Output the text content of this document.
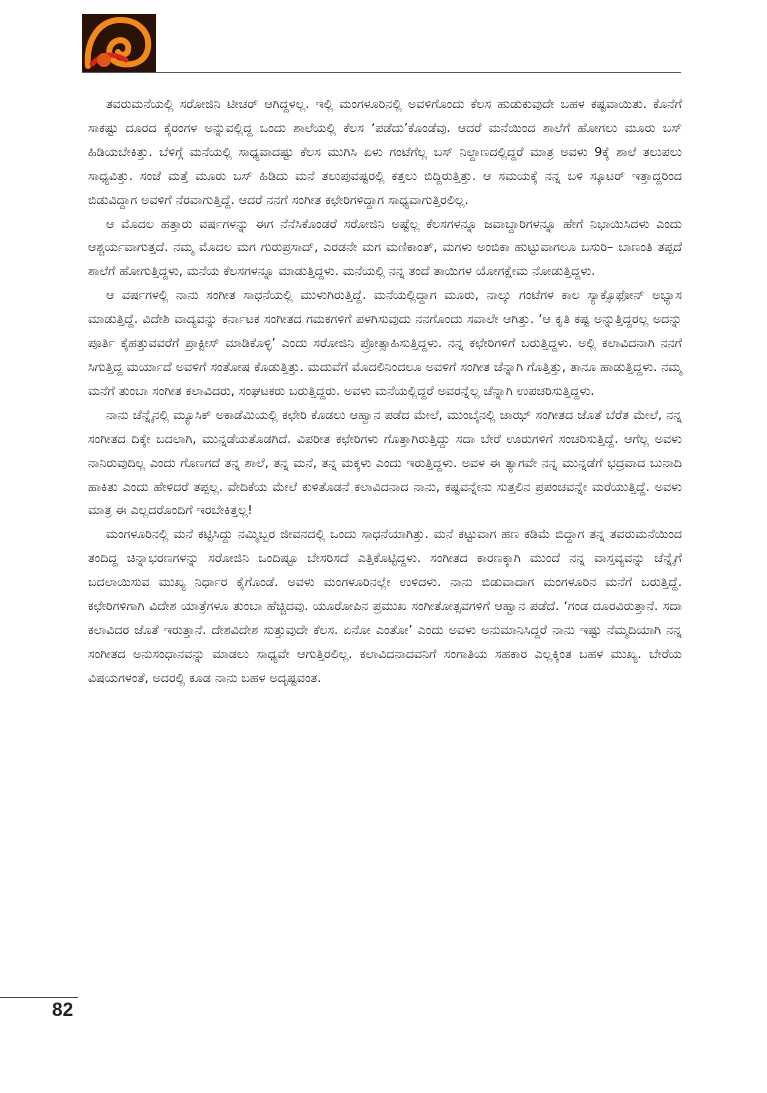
ತವರುಮನೆಯಲ್ಲಿ ಸರೋಜಿನಿ ಟೀಚರ್ ಆಗಿದ್ದಳಲ್ಲ. ಇಲ್ಲಿ ಮಂಗಳೂರಿನಲ್ಲಿ ಅವಳಿಗೊಂದು ಕೆಲಸ ಹುಡುಕುವುದೇ ಬಹಳ ಕಷ್ಟವಾಯಿತು. ಕೊನೆಗೆ ಸಾಕಷ್ಟು ದೂರದ ಕೈರಂಗಳ ಅನ್ನುವಲ್ಲಿದ್ದ ಒಂದು ಶಾಲೆಯಲ್ಲಿ ಕೆಲಸ ‘ಪಡೆದು’ಕೊಂಡೆವು. ಆದರೆ ಮನೆಯಿಂದ ಶಾಲೆಗೆ ಹೋಗಲು ಮೂರು ಬಸ್ ಹಿಡಿಯಬೇಕಿತ್ತು. ಬೆಳಿಗ್ಗೆ ಮನೆಯಲ್ಲಿ ಸಾಧ್ಯವಾದಷ್ಟು ಕೆಲಸ ಮುಗಿಸಿ ಏಳು ಗಂಟೆಗೆಲ್ಲ ಬಸ್ ನಿಲ್ದಾಣದಲ್ಲಿದ್ದರೆ ಮಾತ್ರ ಅವಳು 9ಕ್ಕೆ ಶಾಲೆ ತಲುಪಲು ಸಾಧ್ಯವಿತ್ತು. ಸಂಜೆ ಮತ್ತೆ ಮೂರು ಬಸ್ ಹಿಡಿದು ಮನೆ ತಲುಪುವಷ್ಟರಲ್ಲಿ ಕತ್ತಲು ಬಿದ್ದಿರುತ್ತಿತ್ತು. ಆ ಸಮಯಕ್ಕೆ ನನ್ನ ಬಳಿ ಸ್ಕೂಟರ್ ಇತ್ತಾದ್ದರಿಂದ ಬಿಡುವಿದ್ದಾಗ ಅವಳಿಗೆ ನೆರವಾಗುತ್ತಿದ್ದೆ. ಆದರೆ ನನಗೆ ಸಂಗೀತ ಕಛೇರಿಗಳಿದ್ದಾಗ ಸಾಧ್ಯವಾಗುತ್ತಿರಲಿಲ್ಲ.

ಆ ಮೊದಲ ಹತ್ತಾರು ವರ್ಷಗಳನ್ನು ಈಗ ನೆನೆಸಿಕೊಂಡರೆ ಸರೋಜಿನಿ ಅಷ್ಟೆಲ್ಲ ಕೆಲಸಗಳನ್ನೂ ಜವಾಬ್ದಾರಿಗಳನ್ನೂ ಹೇಗೆ ನಿಭಾಯಿಸಿದಳು ಎಂದು ಆಶ್ಚರ್ಯವಾಗುತ್ತದೆ. ನಮ್ಮ ಮೊದಲ ಮಗ ಗುರುಪ್ರಸಾದ್, ಎರಡನೇ ಮಗ ಮಣಿಕಾಂತ್, ಮಗಳು ಅಂಬಿಕಾ ಹುಟ್ಟುವಾಗಲೂ ಬಸುರಿ– ಬಾಣಂತಿ ತಪ್ಪದೆ ಶಾಲೆಗೆ ಹೋಗುತ್ತಿದ್ದಳು, ಮನೆಯ ಕೆಲಸಗಳನ್ನೂ ಮಾಡುತ್ತಿದ್ದಳು. ಮನೆಯಲ್ಲಿ ನನ್ನ ತಂದೆ ತಾಯಿಗಳ ಯೋಗಕ್ಷೇಮ ನೋಡುತ್ತಿದ್ದಳು.

ಆ ವರ್ಷಗಳಲ್ಲಿ ನಾನು ಸಂಗೀತ ಸಾಧನೆಯಲ್ಲಿ ಮುಳುಗಿರುತ್ತಿದ್ದೆ. ಮನೆಯಲ್ಲಿದ್ದಾಗ ಮೂರು, ನಾಲ್ಕು ಗಂಟೆಗಳ ಕಾಲ ಸ್ಯಾಕ್ಸೊಫೋನ್ ಅಭ್ಯಾಸ ಮಾಡುತ್ತಿದ್ದೆ. ವಿದೇಶಿ ವಾದ್ಯವನ್ನು ಕರ್ನಾಟಕ ಸಂಗೀತದ ಗಮಕಗಳಿಗೆ ಪಳಗಿಸುವುದು ನನಗೊಂದು ಸವಾಲೇ ಆಗಿತ್ತು. ‘ಆ ಕೃತಿ ಕಷ್ಟ ಅನ್ನುತ್ತಿದ್ದರಲ್ಲ ಅದನ್ನು ಪೂರ್ತಿ ಕೈಹತ್ತುವವರೆಗೆ ಪ್ರಾಕ್ಟೀಸ್ ಮಾಡಿಕೊಳ್ಳಿ’ ಎಂದು ಸರೋಜಿನಿ ಪ್ರೋತ್ಸಾಹಿಸುತ್ತಿದ್ದಳು. ನನ್ನ ಕಛೇರಿಗಳಿಗೆ ಬರುತ್ತಿದ್ದಳು. ಅಲ್ಲಿ ಕಲಾವಿದನಾಗಿ ನನಗೆ ಸಿಗುತ್ತಿದ್ದ ಮರ್ಯಾದೆ ಅವಳಿಗೆ ಸಂತೋಷ ಕೊಡುತ್ತಿತ್ತು. ಮದುವೆಗೆ ಮೊದಲಿನಿಂದಲೂ ಅವಳಿಗೆ ಸಂಗೀತ ಚೆನ್ನಾಗಿ ಗೊತ್ತಿತ್ತು, ತಾನೂ ಹಾಡುತ್ತಿದ್ದಳು. ನಮ್ಮ ಮನೆಗೆ ತುಂಬಾ ಸಂಗೀತ ಕಲಾವಿದರು, ಸಂಘಟಕರು ಬರುತ್ತಿದ್ದರು. ಅವಳು ಮನೆಯಲ್ಲಿದ್ದರೆ ಅವರನ್ನೆಲ್ಲ ಚೆನ್ನಾಗಿ ಉಪಚರಿಸುತ್ತಿದ್ದಳು.

ನಾನು ಚೆನ್ನೈನಲ್ಲಿ ಮ್ಯೂಸಿಕ್ ಅಕಾಡೆಮಿಯಲ್ಲಿ ಕಛೇರಿ ಕೊಡಲು ಆಹ್ವಾನ ಪಡೆದ ಮೇಲೆ, ಮುಂಬೈನಲ್ಲಿ ಜಾಝ್ ಸಂಗೀತದ ಜೊತೆ ಬೆರೆತ ಮೇಲೆ, ನನ್ನ ಸಂಗೀತದ ದಿಕ್ಕೇ ಬದಲಾಗಿ, ಮುನ್ನಡೆಯತೊಡಗಿದೆ. ವಿಪರೀತ ಕಛೇರಿಗಳು ಗೊತ್ತಾಗಿರುತ್ತಿದ್ದು ಸದಾ ಬೇರೆ ಊರುಗಳಿಗೆ ಸಂಚರಿಸುತ್ತಿದ್ದೆ. ಆಗೆಲ್ಲ ಅವಳು ನಾನಿರುವುದಿಲ್ಲ ಎಂದು ಗೊಣಗದೆ ತನ್ನ ಶಾಲೆ, ತನ್ನ ಮನೆ, ತನ್ನ ಮಕ್ಕಳು ಎಂದು ಇರುತ್ತಿದ್ದಳು. ಅವಳ ಈ ತ್ಯಾಗವೇ ನನ್ನ ಮುನ್ನಡೆಗೆ ಭದ್ರವಾದ ಬುನಾದಿ ಹಾಕಿತು ಎಂದು ಹೇಳಿದರೆ ತಪ್ಪಲ್ಲ. ವೇದಿಕೆಯ ಮೇಲೆ ಕುಳಿತೊಡನೆ ಕಲಾವಿದನಾದ ನಾನು, ಕಷ್ಟವನ್ನೇನು ಸುತ್ತಲಿನ ಪ್ರಪಂಚವನ್ನೇ ಮರೆಯುತ್ತಿದ್ದೆ. ಅವಳು ಮಾತ್ರ ಈ ಎಲ್ಲದರೊಂದಿಗೆ ಇರಬೇಕಿತ್ತಲ್ಲ!

ಮಂಗಳೂರಿನಲ್ಲಿ ಮನೆ ಕಟ್ಟಿಸಿದ್ದು ನಮ್ಮಿಬ್ಬರ ಜೀವನದಲ್ಲಿ ಒಂದು ಸಾಧನೆಯಾಗಿತ್ತು. ಮನೆ ಕಟ್ಟುವಾಗ ಹಣ ಕಡಿಮೆ ಬಿದ್ದಾಗ ತನ್ನ ತವರುಮನೆಯಿಂದ ತಂದಿದ್ದ ಚಿನ್ನಾಭರಣಗಳನ್ನು ಸರೋಜಿನಿ ಒಂದಿಷ್ಟೂ ಬೇಸರಿಸದೆ ಎತ್ತಿಕೊಟ್ಟಿದ್ದಳು. ಸಂಗೀತದ ಕಾರಣಕ್ಕಾಗಿ ಮುಂದೆ ನನ್ನ ವಾಸ್ತವ್ಯವನ್ನು ಚೆನ್ನೈಗೆ ಬದಲಾಯಿಸುವ ಮುಖ್ಯ ನಿರ್ಧಾರ ಕೈಗೊಂಡೆ. ಅವಳು ಮಂಗಳೂರಿನಲ್ಲೇ ಉಳಿದಳು. ನಾನು ಬಿಡುವಾದಾಗ ಮಂಗಳೂರಿನ ಮನೆಗೆ ಬರುತ್ತಿದ್ದೆ. ಕಛೇರಿಗಳಿಗಾಗಿ ವಿದೇಶ ಯಾತ್ರೆಗಳೂ ತುಂಬಾ ಹೆಚ್ಚಿದವು. ಯೂರೋಪಿನ ಪ್ರಮುಖ ಸಂಗೀತೋತ್ಸವಗಳಿಗೆ ಆಹ್ವಾನ ಪಡೆದೆ. ‘ಗಂಡ ದೂರವಿರುತ್ತಾನೆ. ಸದಾ ಕಲಾವಿದರ ಜೊತೆ ಇರುತ್ತಾನೆ. ದೇಶವಿದೇಶ ಸುತ್ತುವುದೇ ಕೆಲಸ. ಏನೋ ಎಂತೋ’ ಎಂದು ಅವಳು ಅನುಮಾನಿಸಿದ್ದರೆ ನಾನು ಇಷ್ಟು ನೆಮ್ಮದಿಯಾಗಿ ನನ್ನ ಸಂಗೀತದ ಅನುಸಂಧಾನವನ್ನು ಮಾಡಲು ಸಾಧ್ಯವೇ ಆಗುತ್ತಿರಲಿಲ್ಲ. ಕಲಾವಿದನಾದವನಿಗೆ ಸಂಗಾತಿಯ ಸಹಕಾರ ಎಲ್ಲಕ್ಕಿಂತ ಬಹಳ ಮುಖ್ಯ. ಬೇರೆಯ ವಿಷಯಗಳಂತೆ, ಅದರಲ್ಲಿ ಕೂಡ ನಾನು ಬಹಳ ಅದೃಷ್ಟವಂತ.

82
